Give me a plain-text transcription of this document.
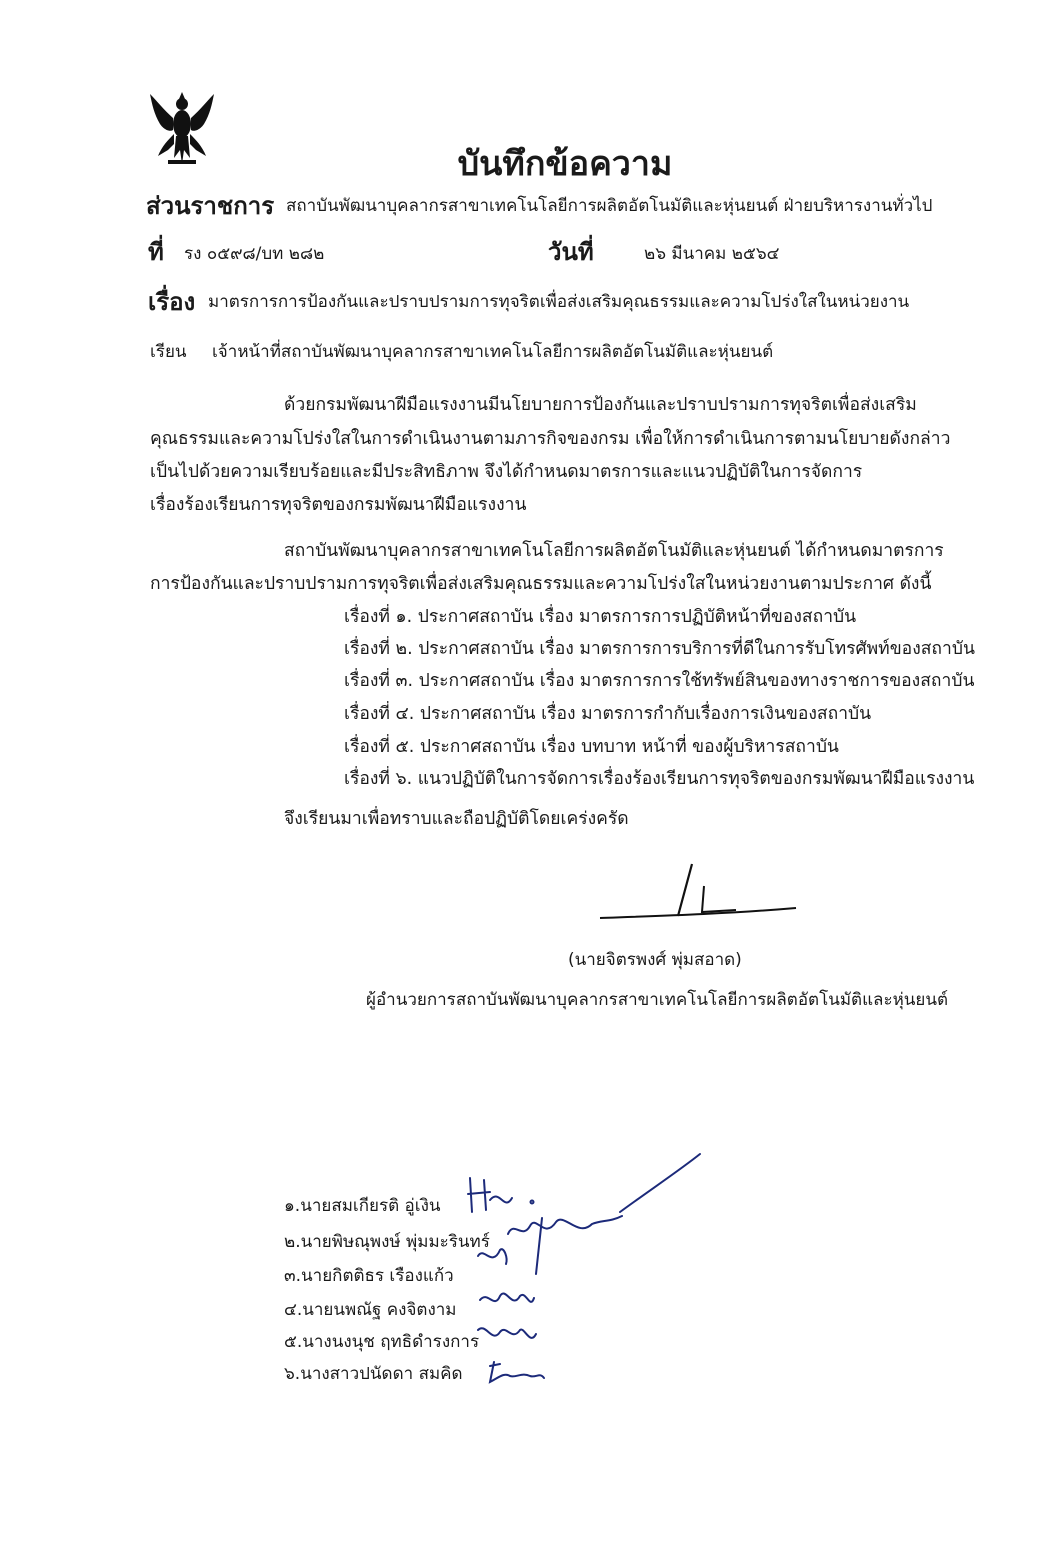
บันทึกข้อความ
ส่วนราชการ สถาบันพัฒนาบุคลากรสาขาเทคโนโลยีการผลิตอัตโนมัติและหุ่นยนต์ ฝ่ายบริหารงานทั่วไป
ที่ รง ๐๕๙๘/บท ๒๘๒	วันที่	๒๖ มีนาคม ๒๕๖๔
เรื่อง มาตรการการป้องกันและปราบปรามการทุจริตเพื่อส่งเสริมคุณธรรมและความโปร่งใสในหน่วยงาน
เรียน เจ้าหน้าที่สถาบันพัฒนาบุคลากรสาขาเทคโนโลยีการผลิตอัตโนมัติและหุ่นยนต์
ด้วยกรมพัฒนาฝีมือแรงงานมีนโยบายการป้องกันและปราบปรามการทุจริตเพื่อส่งเสริม
คุณธรรมและความโปร่งใสในการดำเนินงานตามภารกิจของกรม เพื่อให้การดำเนินการตามนโยบายดังกล่าว
เป็นไปด้วยความเรียบร้อยและมีประสิทธิภาพ จึงได้กำหนดมาตรการและแนวปฏิบัติในการจัดการ
เรื่องร้องเรียนการทุจริตของกรมพัฒนาฝีมือแรงงาน
สถาบันพัฒนาบุคลากรสาขาเทคโนโลยีการผลิตอัตโนมัติและหุ่นยนต์ ได้กำหนดมาตรการ
การป้องกันและปราบปรามการทุจริตเพื่อส่งเสริมคุณธรรมและความโปร่งใสในหน่วยงานตามประกาศ ดังนี้
เรื่องที่ ๑. ประกาศสถาบัน เรื่อง มาตรการการปฏิบัติหน้าที่ของสถาบัน
เรื่องที่ ๒. ประกาศสถาบัน เรื่อง มาตรการการบริการที่ดีในการรับโทรศัพท์ของสถาบัน
เรื่องที่ ๓. ประกาศสถาบัน เรื่อง มาตรการการใช้ทรัพย์สินของทางราชการของสถาบัน
เรื่องที่ ๔. ประกาศสถาบัน เรื่อง มาตรการกำกับเรื่องการเงินของสถาบัน
เรื่องที่ ๕. ประกาศสถาบัน เรื่อง บทบาท หน้าที่ ของผู้บริหารสถาบัน
เรื่องที่ ๖. แนวปฏิบัติในการจัดการเรื่องร้องเรียนการทุจริตของกรมพัฒนาฝีมือแรงงาน
จึงเรียนมาเพื่อทราบและถือปฏิบัติโดยเคร่งครัด
(นายจิตรพงศ์ พุ่มสอาด)
ผู้อำนวยการสถาบันพัฒนาบุคลากรสาขาเทคโนโลยีการผลิตอัตโนมัติและหุ่นยนต์
๑.นายสมเกียรติ อู่เงิน
๒.นายพิษณุพงษ์ พุ่มมะรินทร์
๓.นายกิตติธร เรืองแก้ว
๔.นายนพณัฐ คงจิตงาม
๕.นางนงนุช ฤทธิดำรงการ
๖.นางสาวปนัดดา สมคิด
